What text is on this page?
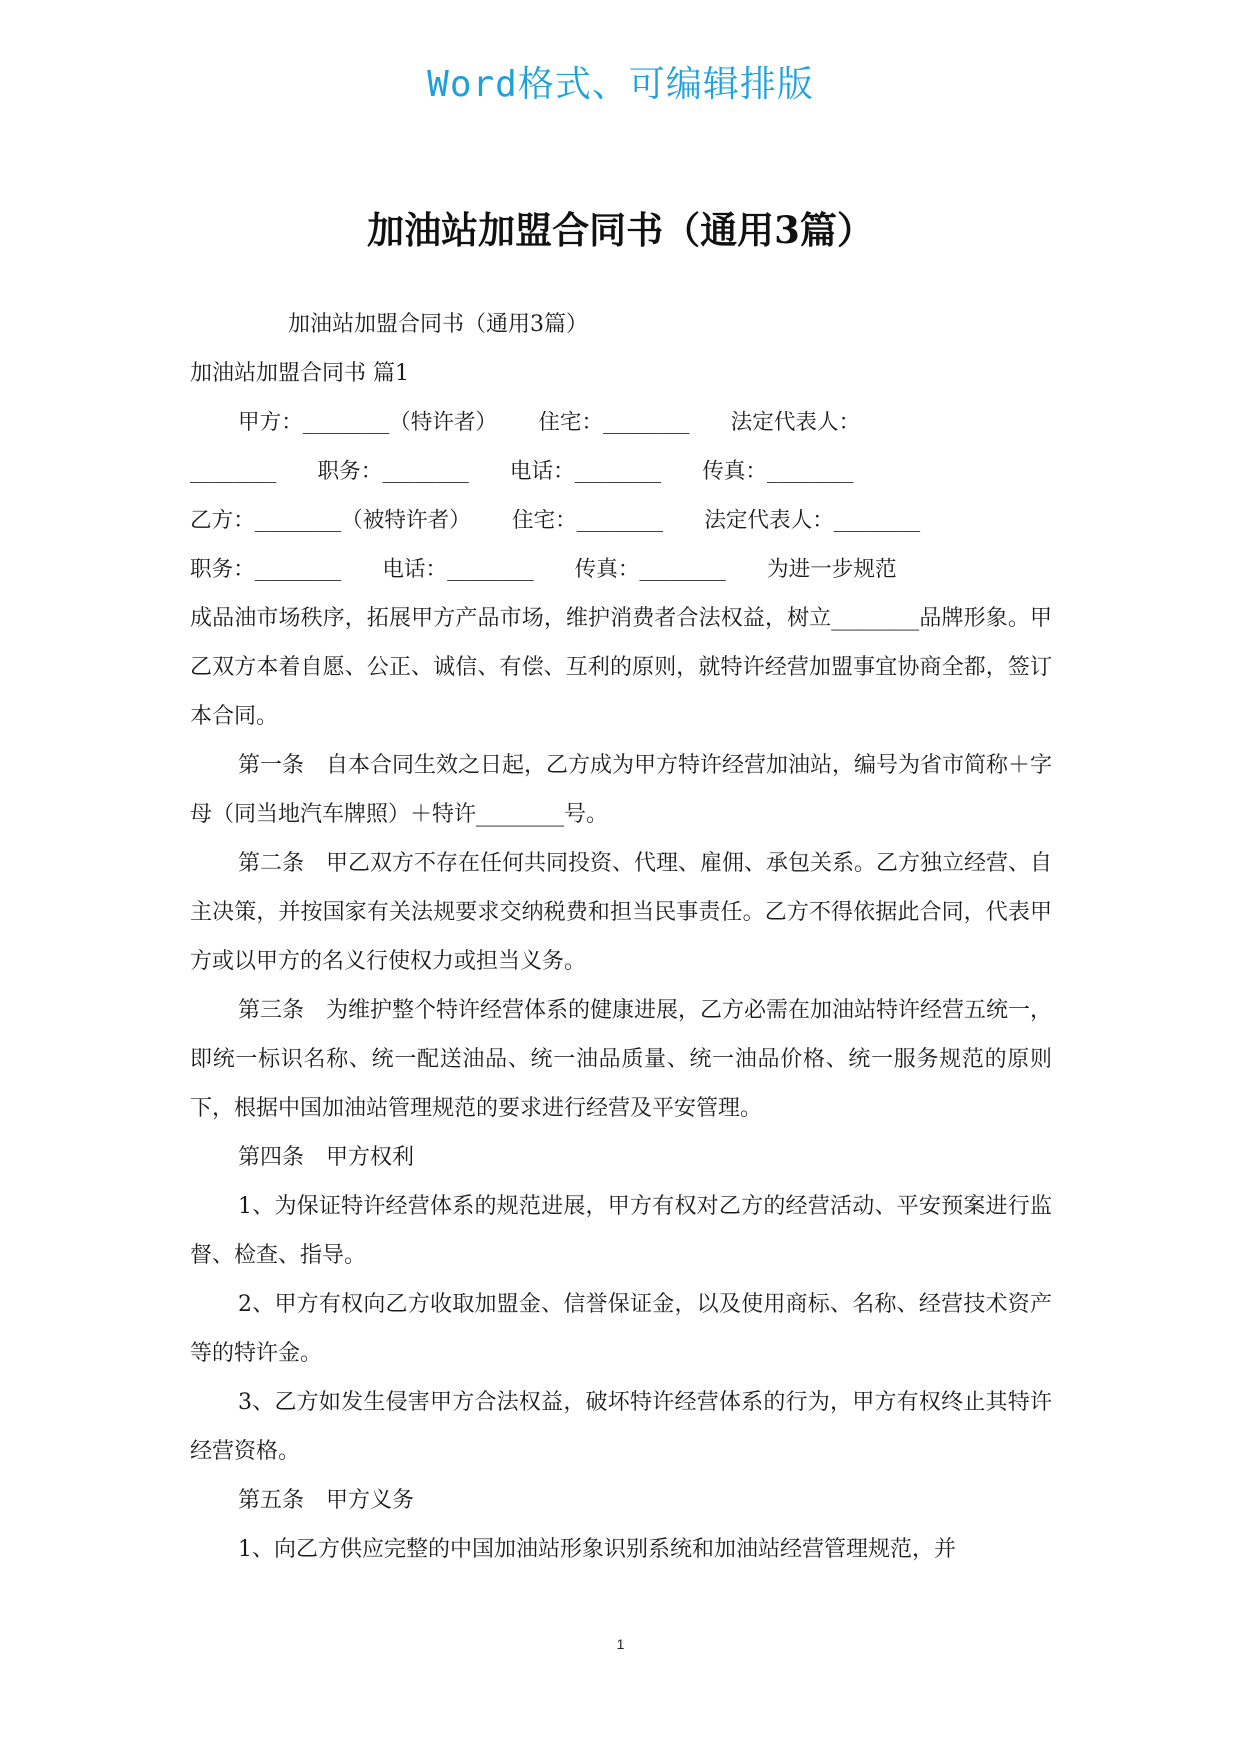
Word格式、可编辑排版
加油站加盟合同书（通用3篇）

加油站加盟合同书（通用3篇）

加油站加盟合同书 篇1

甲方：________（特许者）      住宅：________      法定代表人：

________      职务：________      电话：________      传真：________

乙方：________（被特许者）      住宅：________      法定代表人：________

职务：________      电话：________      传真：________      为进一步规范

成品油市场秩序，拓展甲方产品市场，维护消费者合法权益，树立________品牌形象。甲乙双方本着自愿、公正、诚信、有偿、互利的原则，就特许经营加盟事宜协商全都，签订本合同。

第一条　自本合同生效之日起，乙方成为甲方特许经营加油站，编号为省市简称＋字母（同当地汽车牌照）＋特许________号。

第二条　甲乙双方不存在任何共同投资、代理、雇佣、承包关系。乙方独立经营、自主决策，并按国家有关法规要求交纳税费和担当民事责任。乙方不得依据此合同，代表甲方或以甲方的名义行使权力或担当义务。

第三条　为维护整个特许经营体系的健康进展，乙方必需在加油站特许经营五统一，即统一标识名称、统一配送油品、统一油品质量、统一油品价格、统一服务规范的原则下，根据中国加油站管理规范的要求进行经营及平安管理。

第四条　甲方权利

1、为保证特许经营体系的规范进展，甲方有权对乙方的经营活动、平安预案进行监督、检查、指导。

2、甲方有权向乙方收取加盟金、信誉保证金，以及使用商标、名称、经营技术资产等的特许金。

3、乙方如发生侵害甲方合法权益，破坏特许经营体系的行为，甲方有权终止其特许经营资格。

第五条　甲方义务

1、向乙方供应完整的中国加油站形象识别系统和加油站经营管理规范，并

1
